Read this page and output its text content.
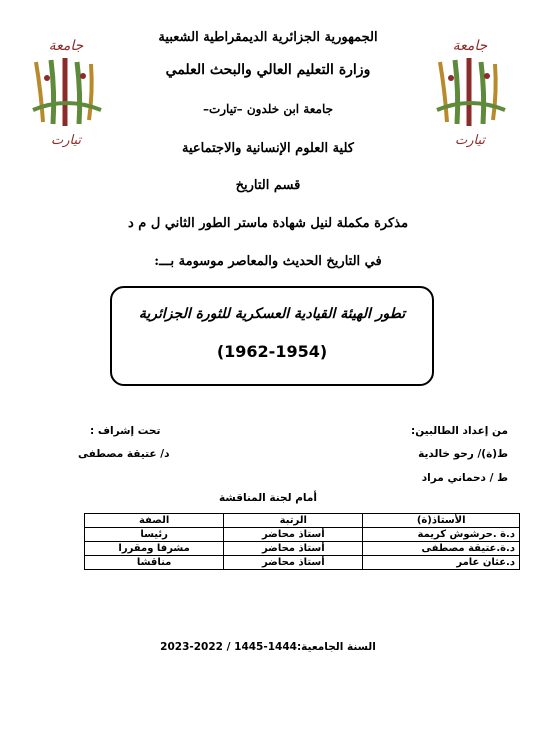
جامعة
تيارت
جامعة
تيارت
الجمهورية الجزائرية الديمقراطية الشعبية
وزارة التعليم العالي والبحث العلمي
جامعة ابن خلدون –تيارت–
كلية العلوم الإنسانية والاجتماعية
قسم التاريخ
مذكرة مكملة لنيل شهادة ماستر الطور الثاني ل م د
في التاريخ الحديث والمعاصر موسومة بـــ:
تطور الهيئة القيادية العسكرية للثورة الجزائرية
(1962-1954)
من إعداد الطالبين:
ط(ة)/ رحو خالدية
ط / دحماني مراد
تحت إشراف :
د/ عتيقة مصطفى
أمام لجنة المناقشة
الأستاذ(ة)	الرتبة	الصفة
د.ة .حرشوش كريمة	أستاذ محاضر	رئيسا
د.ة.عتيقة مصطفى	أستاذ محاضر	مشرفا ومقررا
د.عثان عامر	أستاذ محاضر	مناقشا
السنة الجامعية:1444-1445 / 2022-2023
